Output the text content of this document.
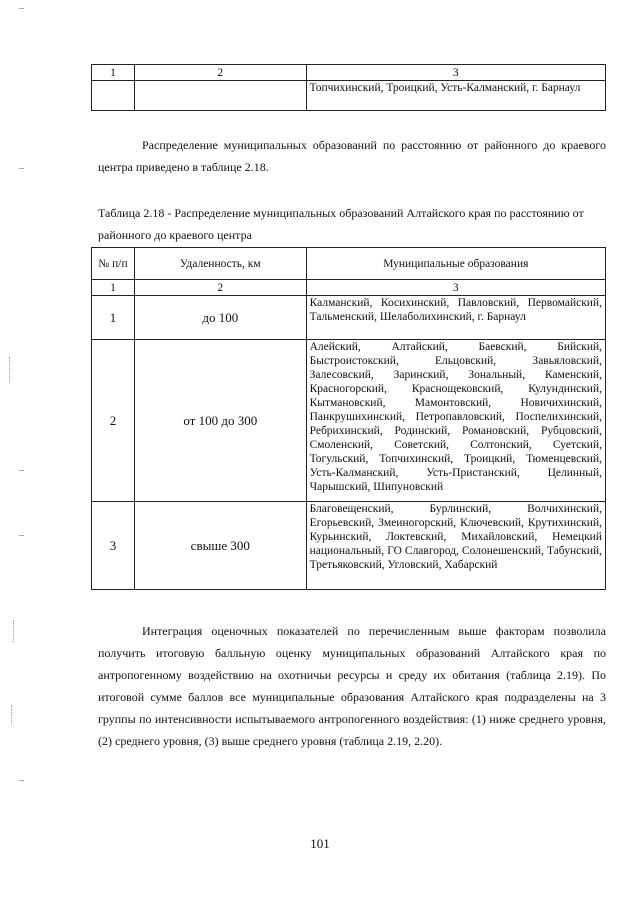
1	2	3
		Топчихинский, Троицкий, Усть-Калманский, г. Барнаул

Распределение муниципальных образований по расстоянию от районного до краевого центра приведено в таблице 2.18.

Таблица 2.18 - Распределение муниципальных образований Алтайского края по расстоянию от районного до краевого центра

№ п/п	Удаленность, км	Муниципальные образования
1	2	3
1	до 100	Калманский, Косихинский, Павловский, Первомайский, Тальменский, Шелаболихинский, г. Барнаул
2	от 100 до 300	Алейский, Алтайский, Баевский, Бийский, Быстроистокский, Ельцовский, Завьяловский, Залесовский, Заринский, Зональный, Каменский, Красногорский, Краснощековский, Кулундинский, Кытмановский, Мамонтовский, Новичихинский, Панкрушихинский, Петропавловский, Поспелихинский, Ребрихинский, Родинский, Романовский, Рубцовский, Смоленский, Советский, Солтонский, Суетский, Тогульский, Топчихинский, Троицкий, Тюменцевский, Усть-Калманский, Усть-Пристанский, Целинный, Чарышский, Шипуновский
3	свыше 300	Благовещенский, Бурлинский, Волчихинский, Егорьевский, Змеиногорский, Ключевский, Крутихинский, Курьинский, Локтевский, Михайловский, Немецкий национальный, ГО Славгород, Солонешенский, Табунский, Третьяковский, Угловский, Хабарский

Интеграция оценочных показателей по перечисленным выше факторам позволила получить итоговую балльную оценку муниципальных образований Алтайского края по антропогенному воздействию на охотничьи ресурсы и среду их обитания (таблица 2.19). По итоговой сумме баллов все муниципальные образования Алтайского края подразделены на 3 группы по интенсивности испытываемого антропогенного воздействия: (1) ниже среднего уровня, (2) среднего уровня, (3) выше среднего уровня (таблица 2.19, 2.20).

101
